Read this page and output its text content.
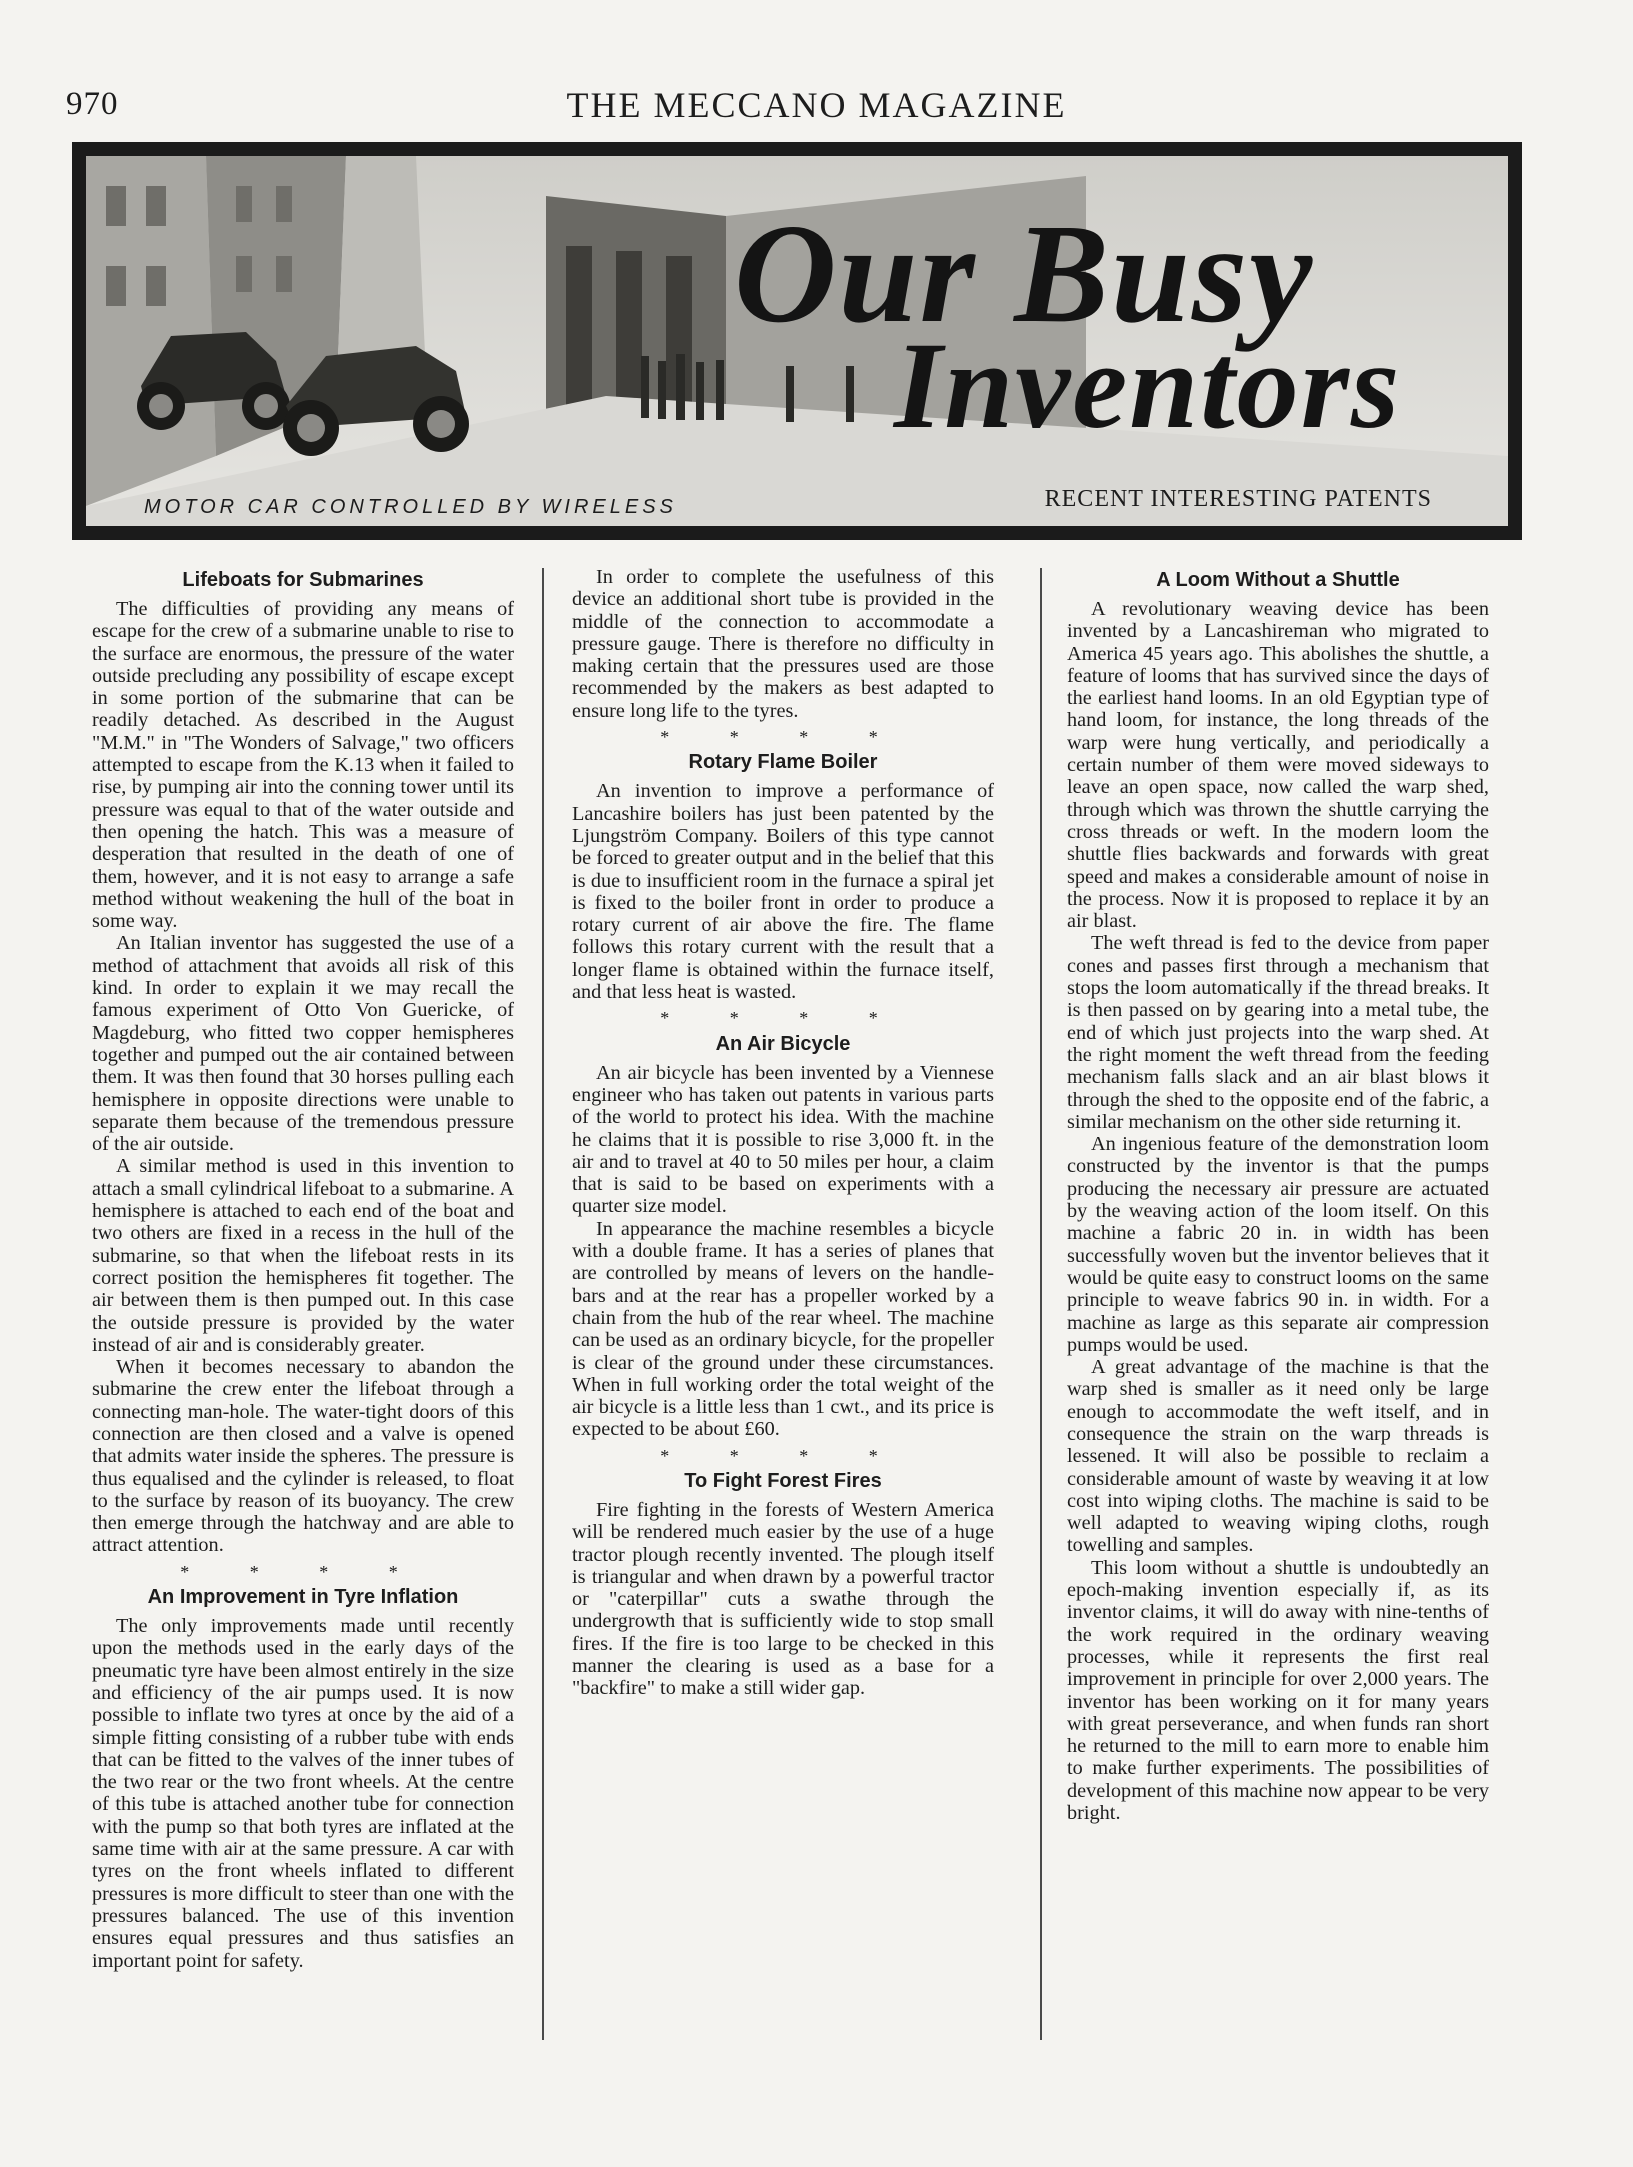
970	THE MECCANO MAGAZINE
Our Busy
Inventors
MOTOR CAR CONTROLLED BY WIRELESS	RECENT INTERESTING PATENTS
Lifeboats for Submarines

The difficulties of providing any means of escape for the crew of a submarine unable to rise to the surface are enormous, the pressure of the water outside precluding any possibility of escape except in some portion of the submarine that can be readily detached. As described in the August "M.M." in "The Wonders of Salvage," two officers attempted to escape from the K.13 when it failed to rise, by pumping air into the conning tower until its pressure was equal to that of the water outside and then opening the hatch. This was a measure of desperation that resulted in the death of one of them, however, and it is not easy to arrange a safe method without weakening the hull of the boat in some way.

An Italian inventor has suggested the use of a method of attachment that avoids all risk of this kind. In order to explain it we may recall the famous experiment of Otto Von Guericke, of Magdeburg, who fitted two copper hemispheres together and pumped out the air contained between them. It was then found that 30 horses pulling each hemisphere in opposite directions were unable to separate them because of the tremendous pressure of the air outside.

A similar method is used in this invention to attach a small cylindrical lifeboat to a submarine. A hemisphere is attached to each end of the boat and two others are fixed in a recess in the hull of the submarine, so that when the lifeboat rests in its correct position the hemispheres fit together. The air between them is then pumped out. In this case the outside pressure is provided by the water instead of air and is considerably greater.

When it becomes necessary to abandon the submarine the crew enter the lifeboat through a connecting man-hole. The water-tight doors of this connection are then closed and a valve is opened that admits water inside the spheres. The pressure is thus equalised and the cylinder is released, to float to the surface by reason of its buoyancy. The crew then emerge through the hatchway and are able to attract attention.

* * * *
An Improvement in Tyre Inflation

The only improvements made until recently upon the methods used in the early days of the pneumatic tyre have been almost entirely in the size and efficiency of the air pumps used. It is now possible to inflate two tyres at once by the aid of a simple fitting consisting of a rubber tube with ends that can be fitted to the valves of the inner tubes of the two rear or the two front wheels. At the centre of this tube is attached another tube for connection with the pump so that both tyres are inflated at the same time with air at the same pressure. A car with tyres on the front wheels inflated to different pressures is more difficult to steer than one with the pressures balanced. The use of this invention ensures equal pressures and thus satisfies an important point for safety.

In order to complete the usefulness of this device an additional short tube is provided in the middle of the connection to accommodate a pressure gauge. There is therefore no difficulty in making certain that the pressures used are those recommended by the makers as best adapted to ensure long life to the tyres.

* * * *
Rotary Flame Boiler

An invention to improve a performance of Lancashire boilers has just been patented by the Ljungström Company. Boilers of this type cannot be forced to greater output and in the belief that this is due to insufficient room in the furnace a spiral jet is fixed to the boiler front in order to produce a rotary current of air above the fire. The flame follows this rotary current with the result that a longer flame is obtained within the furnace itself, and that less heat is wasted.

* * * *
An Air Bicycle

An air bicycle has been invented by a Viennese engineer who has taken out patents in various parts of the world to protect his idea. With the machine he claims that it is possible to rise 3,000 ft. in the air and to travel at 40 to 50 miles per hour, a claim that is said to be based on experiments with a quarter size model.

In appearance the machine resembles a bicycle with a double frame. It has a series of planes that are controlled by means of levers on the handle-bars and at the rear has a propeller worked by a chain from the hub of the rear wheel. The machine can be used as an ordinary bicycle, for the propeller is clear of the ground under these circumstances. When in full working order the total weight of the air bicycle is a little less than 1 cwt., and its price is expected to be about £60.

* * * *
To Fight Forest Fires

Fire fighting in the forests of Western America will be rendered much easier by the use of a huge tractor plough recently invented. The plough itself is triangular and when drawn by a powerful tractor or "caterpillar" cuts a swathe through the undergrowth that is sufficiently wide to stop small fires. If the fire is too large to be checked in this manner the clearing is used as a base for a "backfire" to make a still wider gap.

A Loom Without a Shuttle

A revolutionary weaving device has been invented by a Lancashireman who migrated to America 45 years ago. This abolishes the shuttle, a feature of looms that has survived since the days of the earliest hand looms. In an old Egyptian type of hand loom, for instance, the long threads of the warp were hung vertically, and periodically a certain number of them were moved sideways to leave an open space, now called the warp shed, through which was thrown the shuttle carrying the cross threads or weft. In the modern loom the shuttle flies backwards and forwards with great speed and makes a considerable amount of noise in the process. Now it is proposed to replace it by an air blast.

The weft thread is fed to the device from paper cones and passes first through a mechanism that stops the loom automatically if the thread breaks. It is then passed on by gearing into a metal tube, the end of which just projects into the warp shed. At the right moment the weft thread from the feeding mechanism falls slack and an air blast blows it through the shed to the opposite end of the fabric, a similar mechanism on the other side returning it.

An ingenious feature of the demonstration loom constructed by the inventor is that the pumps producing the necessary air pressure are actuated by the weaving action of the loom itself. On this machine a fabric 20 in. in width has been successfully woven but the inventor believes that it would be quite easy to construct looms on the same principle to weave fabrics 90 in. in width. For a machine as large as this separate air compression pumps would be used.

A great advantage of the machine is that the warp shed is smaller as it need only be large enough to accommodate the weft itself, and in consequence the strain on the warp threads is lessened. It will also be possible to reclaim a considerable amount of waste by weaving it at low cost into wiping cloths. The machine is said to be well adapted to weaving wiping cloths, rough towelling and samples.

This loom without a shuttle is undoubtedly an epoch-making invention especially if, as its inventor claims, it will do away with nine-tenths of the work required in the ordinary weaving processes, while it represents the first real improvement in principle for over 2,000 years. The inventor has been working on it for many years with great perseverance, and when funds ran short he returned to the mill to earn more to enable him to make further experiments. The possibilities of development of this machine now appear to be very bright.
